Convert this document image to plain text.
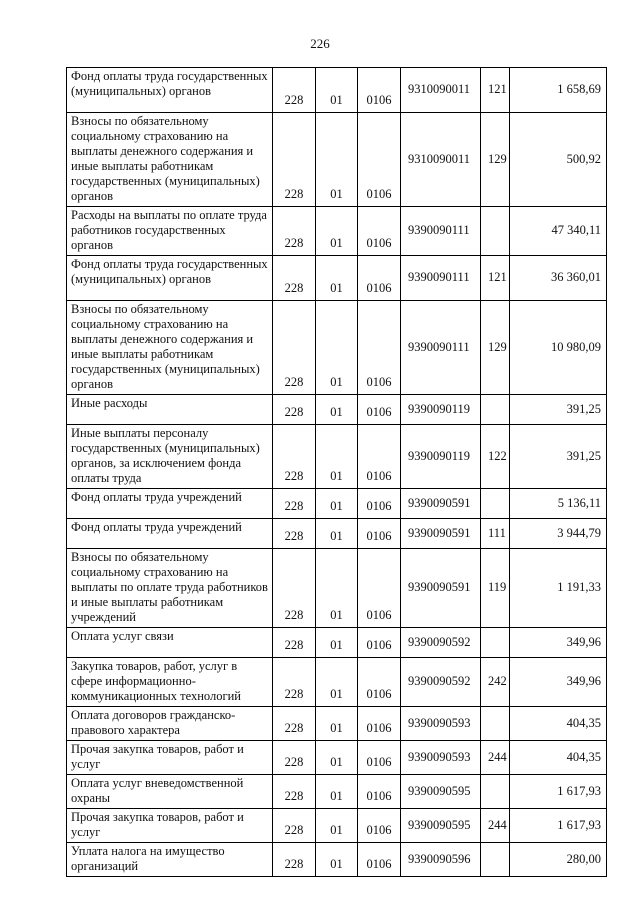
226
Фонд оплаты труда государственных (муниципальных) органов	228	01	0106	9310090011	121	1 658,69
Взносы по обязательному социальному страхованию на выплаты денежного содержания и иные выплаты работникам государственных (муниципальных) органов	228	01	0106	9310090011	129	500,92
Расходы на выплаты по оплате труда работников государственных органов	228	01	0106	9390090111		47 340,11
Фонд оплаты труда государственных (муниципальных) органов	228	01	0106	9390090111	121	36 360,01
Взносы по обязательному социальному страхованию на выплаты денежного содержания и иные выплаты работникам государственных (муниципальных) органов	228	01	0106	9390090111	129	10 980,09
Иные расходы	228	01	0106	9390090119		391,25
Иные выплаты персоналу государственных (муниципальных) органов, за исключением фонда оплаты труда	228	01	0106	9390090119	122	391,25
Фонд оплаты труда учреждений	228	01	0106	9390090591		5 136,11
Фонд оплаты труда учреждений	228	01	0106	9390090591	111	3 944,79
Взносы по обязательному социальному страхованию на выплаты по оплате труда работников и иные выплаты работникам учреждений	228	01	0106	9390090591	119	1 191,33
Оплата услуг связи	228	01	0106	9390090592		349,96
Закупка товаров, работ, услуг в сфере информационно-коммуникационных технологий	228	01	0106	9390090592	242	349,96
Оплата договоров гражданско-правового характера	228	01	0106	9390090593		404,35
Прочая закупка товаров, работ и услуг	228	01	0106	9390090593	244	404,35
Оплата услуг вневедомственной охраны	228	01	0106	9390090595		1 617,93
Прочая закупка товаров, работ и услуг	228	01	0106	9390090595	244	1 617,93
Уплата налога на имущество организаций	228	01	0106	9390090596		280,00
